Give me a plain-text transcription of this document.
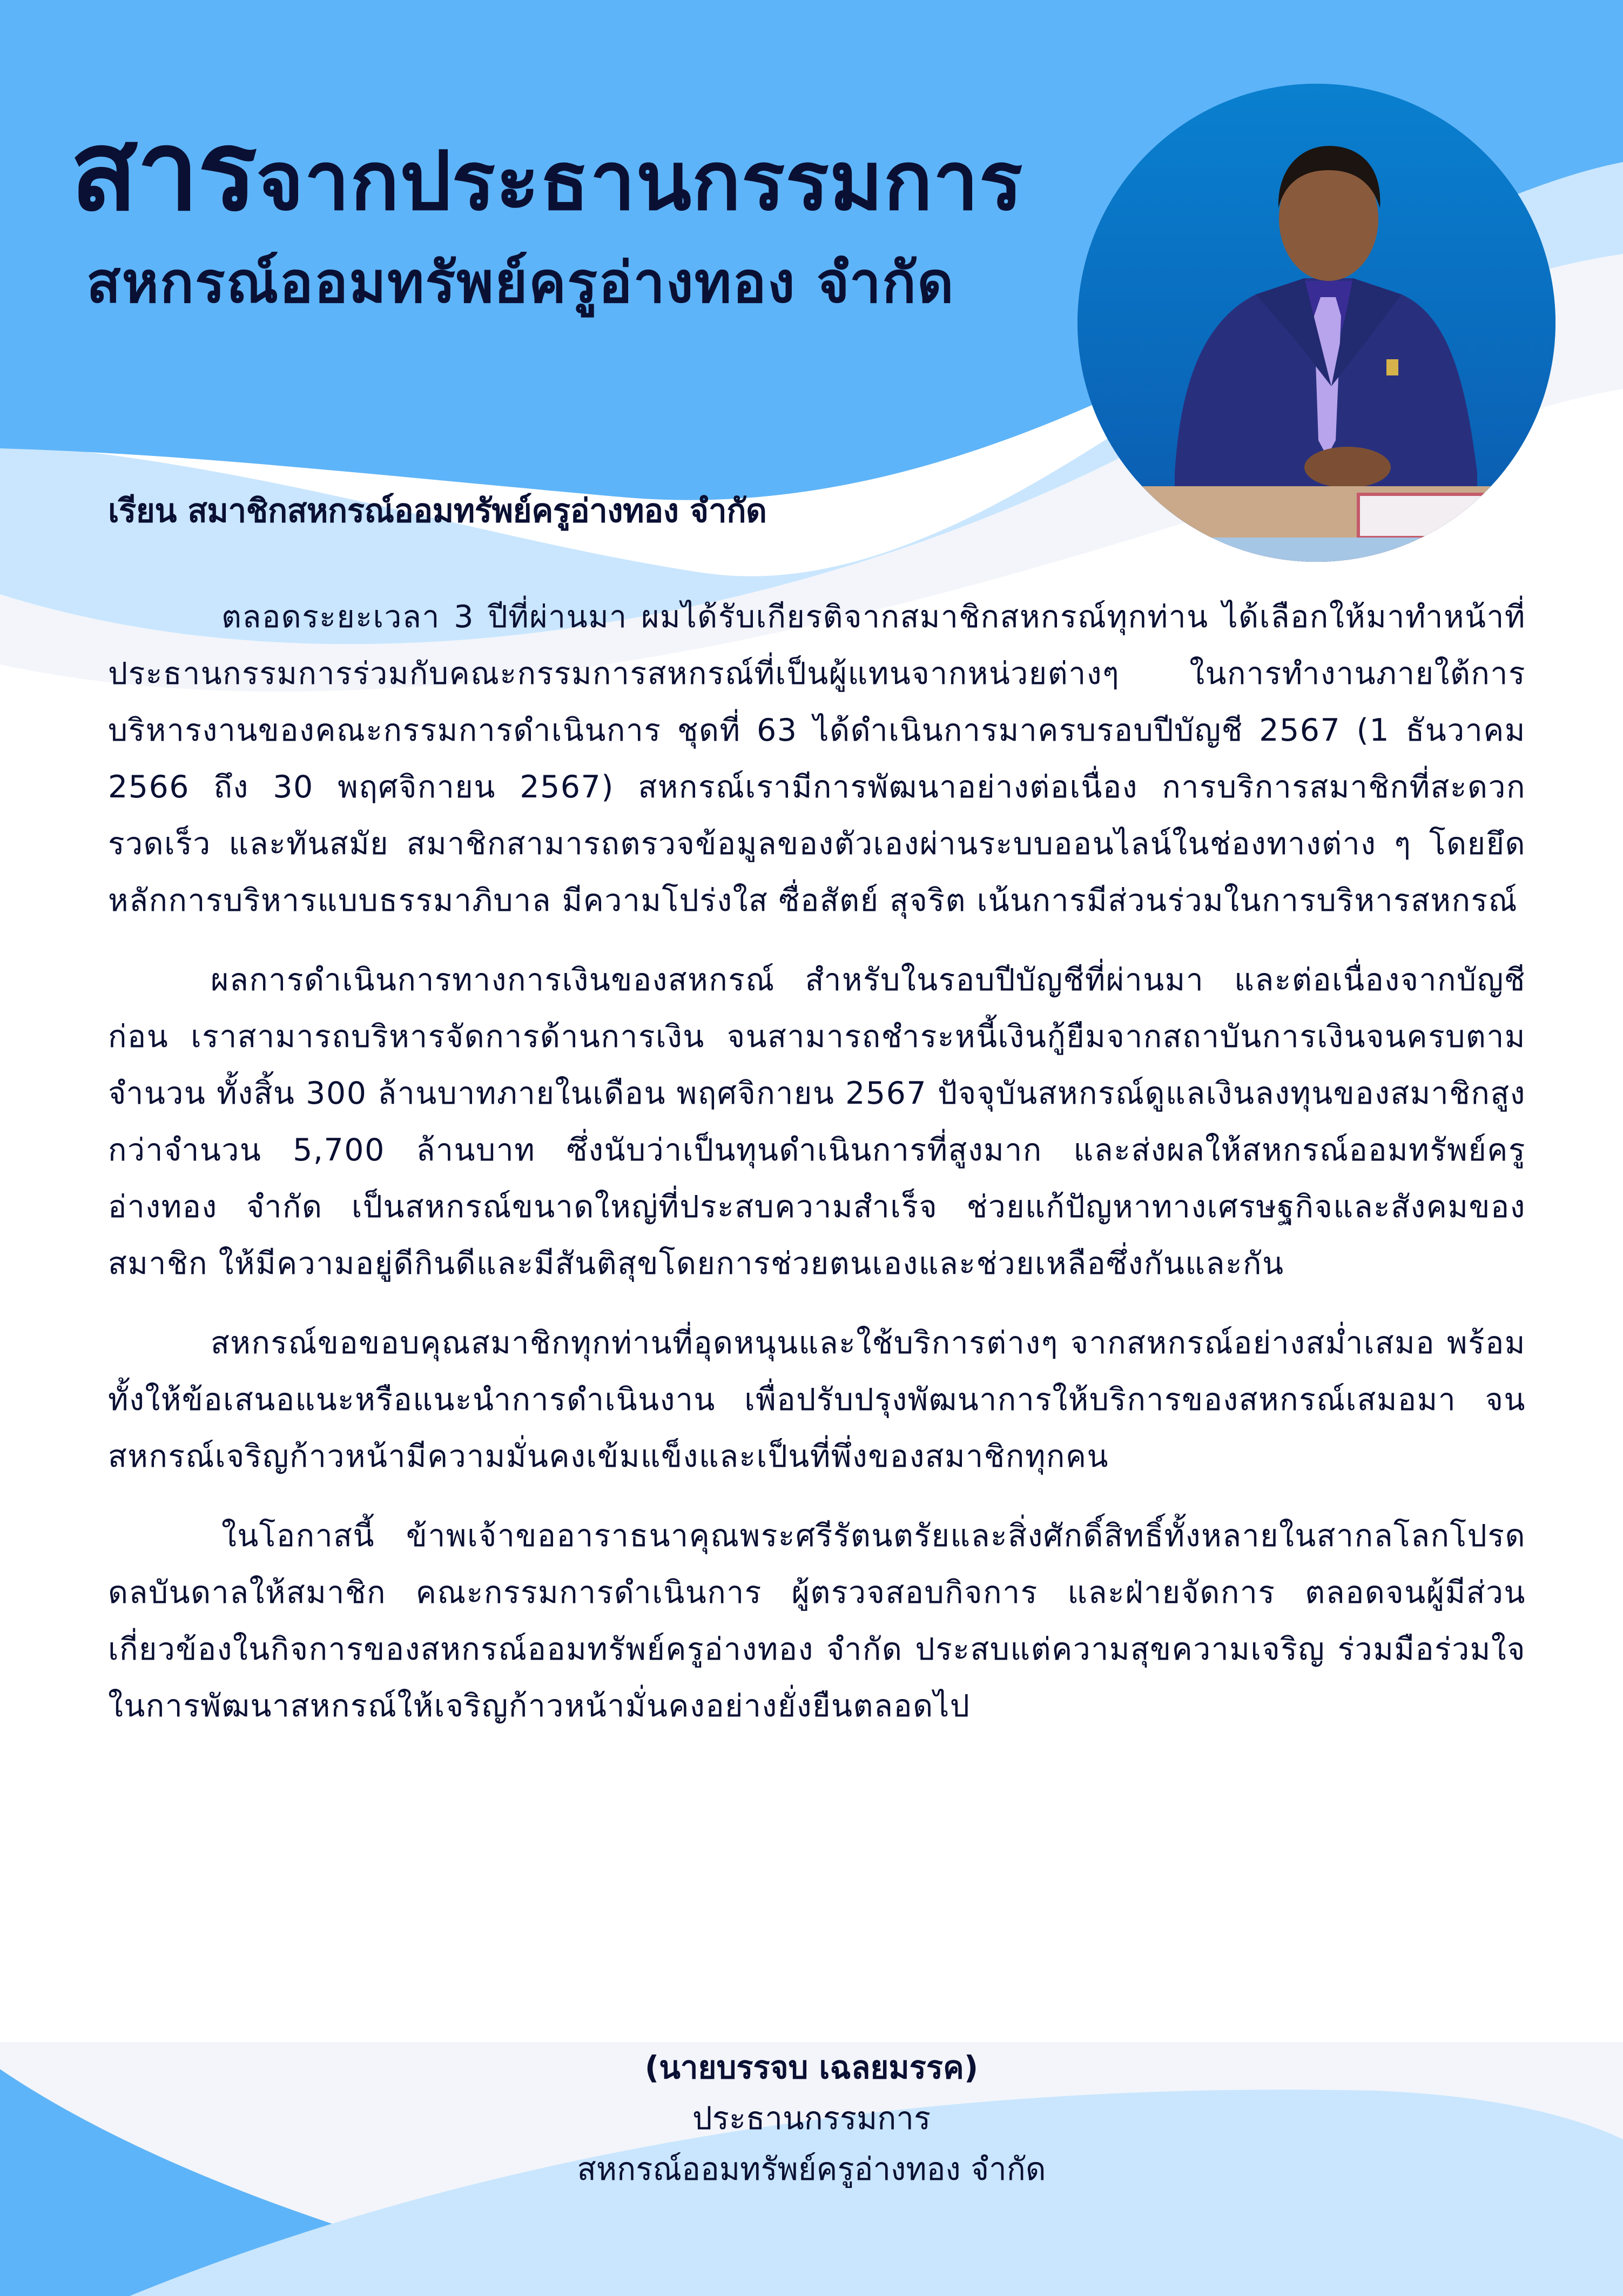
สารจากประธานกรรมการ
สหกรณ์ออมทรัพย์ครูอ่างทอง จำกัด
เรียน สมาชิกสหกรณ์ออมทรัพย์ครูอ่างทอง จำกัด

ตลอดระยะเวลา 3 ปีที่ผ่านมา ผมได้รับเกียรติจากสมาชิกสหกรณ์ทุกท่าน ได้เลือกให้มาทำหน้าที่ประธานกรรมการร่วมกับคณะกรรมการสหกรณ์ที่เป็นผู้แทนจากหน่วยต่างๆ ในการทำงานภายใต้การบริหารงานของคณะกรรมการดำเนินการ ชุดที่ 63 ได้ดำเนินการมาครบรอบปีบัญชี 2567 (1 ธันวาคม 2566 ถึง 30 พฤศจิกายน 2567) สหกรณ์เรามีการพัฒนาอย่างต่อเนื่อง การบริการสมาชิกที่สะดวก รวดเร็ว และทันสมัย สมาชิกสามารถตรวจข้อมูลของตัวเองผ่านระบบออนไลน์ในช่องทางต่าง ๆ โดยยึดหลักการบริหารแบบธรรมาภิบาล มีความโปร่งใส ซื่อสัตย์ สุจริต เน้นการมีส่วนร่วมในการบริหารสหกรณ์

ผลการดำเนินการทางการเงินของสหกรณ์ สำหรับในรอบปีบัญชีที่ผ่านมา และต่อเนื่องจากบัญชีก่อน เราสามารถบริหารจัดการด้านการเงิน จนสามารถชำระหนี้เงินกู้ยืมจากสถาบันการเงินจนครบตามจำนวน ทั้งสิ้น 300 ล้านบาทภายในเดือน พฤศจิกายน 2567 ปัจจุบันสหกรณ์ดูแลเงินลงทุนของสมาชิกสูงกว่าจำนวน 5,700 ล้านบาท ซึ่งนับว่าเป็นทุนดำเนินการที่สูงมาก และส่งผลให้สหกรณ์ออมทรัพย์ครูอ่างทอง จำกัด เป็นสหกรณ์ขนาดใหญ่ที่ประสบความสำเร็จ ช่วยแก้ปัญหาทางเศรษฐกิจและสังคมของสมาชิก ให้มีความอยู่ดีกินดีและมีสันติสุขโดยการช่วยตนเองและช่วยเหลือซึ่งกันและกัน

สหกรณ์ขอขอบคุณสมาชิกทุกท่านที่อุดหนุนและใช้บริการต่างๆ จากสหกรณ์อย่างสม่ำเสมอ พร้อมทั้งให้ข้อเสนอแนะหรือแนะนำการดำเนินงาน เพื่อปรับปรุงพัฒนาการให้บริการของสหกรณ์เสมอมา จนสหกรณ์เจริญก้าวหน้ามีความมั่นคงเข้มแข็งและเป็นที่พึ่งของสมาชิกทุกคน

ในโอกาสนี้ ข้าพเจ้าขออาราธนาคุณพระศรีรัตนตรัยและสิ่งศักดิ์สิทธิ์ทั้งหลายในสากลโลกโปรดดลบันดาลให้สมาชิก คณะกรรมการดำเนินการ ผู้ตรวจสอบกิจการ และฝ่ายจัดการ ตลอดจนผู้มีส่วนเกี่ยวข้องในกิจการของสหกรณ์ออมทรัพย์ครูอ่างทอง จำกัด ประสบแต่ความสุขความเจริญ ร่วมมือร่วมใจในการพัฒนาสหกรณ์ให้เจริญก้าวหน้ามั่นคงอย่างยั่งยืนตลอดไป

(นายบรรจบ เฉลยมรรค)
ประธานกรรมการ
สหกรณ์ออมทรัพย์ครูอ่างทอง จำกัด
